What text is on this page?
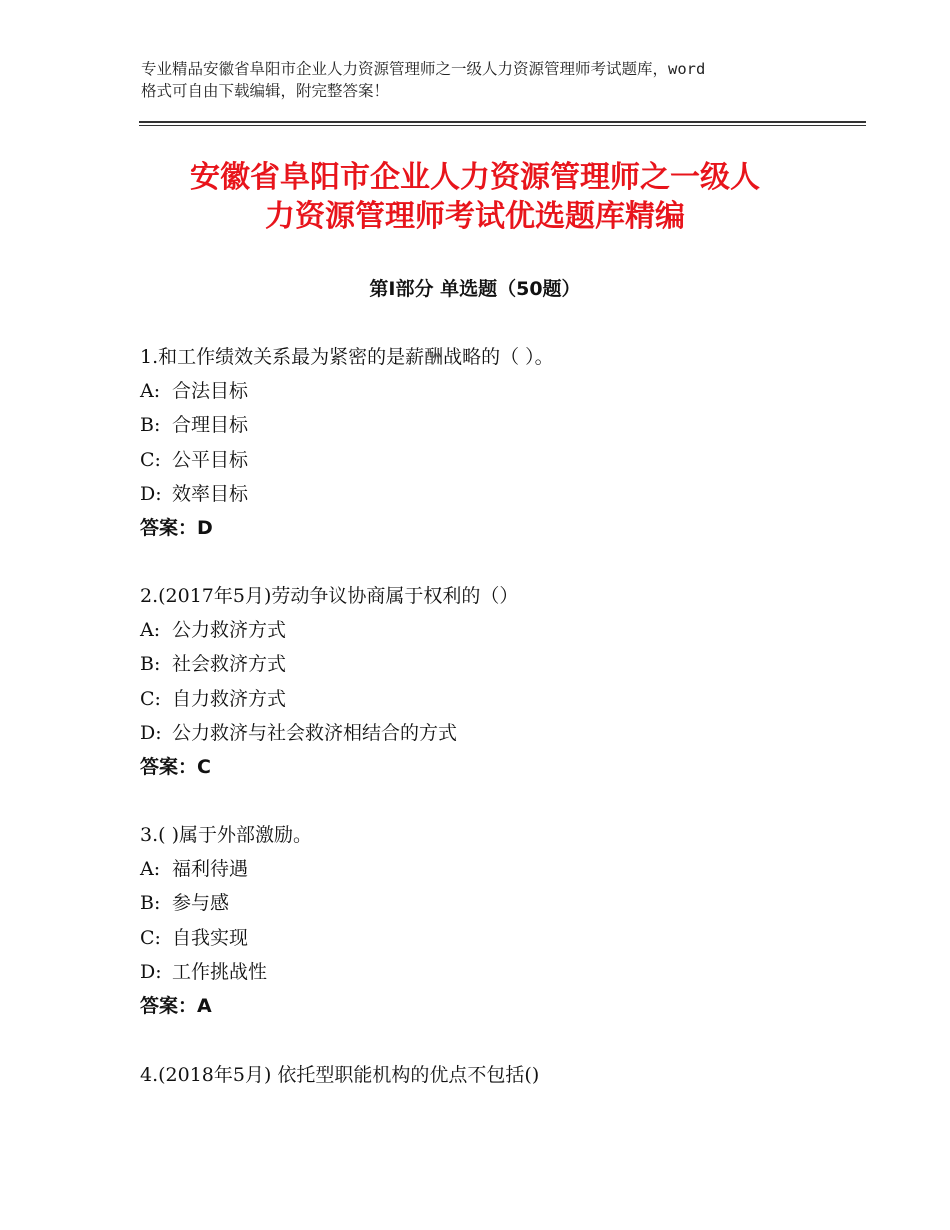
专业精品安徽省阜阳市企业人力资源管理师之一级人力资源管理师考试题库，word
格式可自由下载编辑，附完整答案！
安徽省阜阳市企业人力资源管理师之一级人
力资源管理师考试优选题库精编
第Ⅰ部分 单选题（50题）
1.和工作绩效关系最为紧密的是薪酬战略的（ ）。
A: 合法目标
B: 合理目标
C: 公平目标
D: 效率目标
答案：D
2.(2017年5月)劳动争议协商属于权利的（）
A: 公力救济方式
B: 社会救济方式
C: 自力救济方式
D: 公力救济与社会救济相结合的方式
答案：C
3.( )属于外部激励。
A: 福利待遇
B: 参与感
C: 自我实现
D: 工作挑战性
答案：A
4.(2018年5月) 依托型职能机构的优点不包括()
